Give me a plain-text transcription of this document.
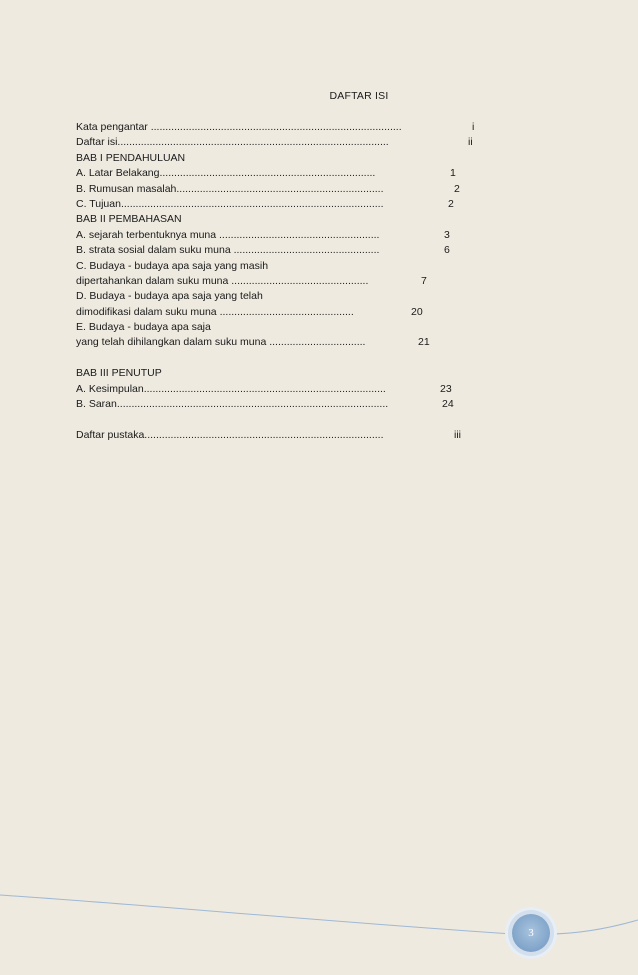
DAFTAR ISI
Kata pengantar ......................................................................................	i
Daftar isi.............................................................................................	ii
BAB I PENDAHULUAN
A. Latar Belakang..........................................................................	1
B. Rumusan masalah.......................................................................	2
C. Tujuan..........................................................................................	2
BAB II PEMBAHASAN
A. sejarah terbentuknya muna .......................................................	3
B. strata sosial dalam suku muna ..................................................	6
C. Budaya - budaya apa saja yang masih
dipertahankan dalam suku muna ...............................................	7
D. Budaya - budaya apa saja yang telah
dimodifikasi dalam suku muna ..............................................	20
E. Budaya - budaya apa saja
yang telah dihilangkan dalam suku muna .................................	21
BAB III PENUTUP
A. Kesimpulan...................................................................................	23
B. Saran.............................................................................................	24
Daftar pustaka..................................................................................	iii
3
